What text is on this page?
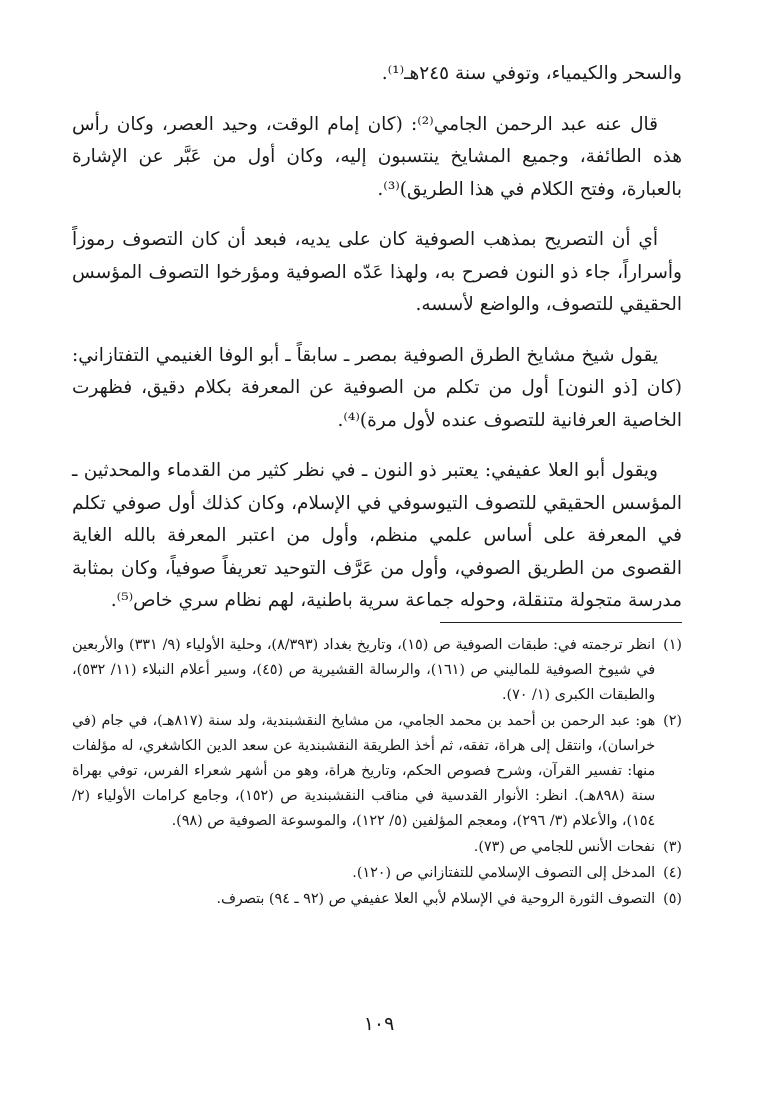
والسحر والكيمياء، وتوفي سنة ٢٤٥هـ⁽¹⁾.

قال عنه عبد الرحمن الجامي⁽²⁾: (كان إمام الوقت، وحيد العصر، وكان رأس هذه الطائفة، وجميع المشايخ ينتسبون إليه، وكان أول من عَبَّر عن الإشارة بالعبارة، وفتح الكلام في هذا الطريق)⁽³⁾.

أي أن التصريح بمذهب الصوفية كان على يديه، فبعد أن كان التصوف رموزاً وأسراراً، جاء ذو النون فصرح به، ولهذا عَدّه الصوفية ومؤرخوا التصوف المؤسس الحقيقي للتصوف، والواضع لأسسه.

يقول شيخ مشايخ الطرق الصوفية بمصر ـ سابقاً ـ أبو الوفا الغنيمي التفتازاني: (كان [ذو النون] أول من تكلم من الصوفية عن المعرفة بكلام دقيق، فظهرت الخاصية العرفانية للتصوف عنده لأول مرة)⁽⁴⁾.

ويقول أبو العلا عفيفي: يعتبر ذو النون ـ في نظر كثير من القدماء والمحدثين ـ المؤسس الحقيقي للتصوف التيوسوفي في الإسلام، وكان كذلك أول صوفي تكلم في المعرفة على أساس علمي منظم، وأول من اعتبر المعرفة بالله الغاية القصوى من الطريق الصوفي، وأول من عَرَّف التوحيد تعريفاً صوفياً، وكان بمثابة مدرسة متجولة متنقلة، وحوله جماعة سرية باطنية، لهم نظام سري خاص⁽⁵⁾.

(١)
انظر ترجمته في: طبقات الصوفية ص (١٥)، وتاريخ بغداد (٨/٣٩٣)، وحلية الأولياء (٩/ ٣٣١) والأربعين في شيوخ الصوفية للماليني ص (١٦١)، والرسالة القشيرية ص (٤٥)، وسير أعلام النبلاء (١١/ ٥٣٢)، والطبقات الكبرى (١/ ٧٠).
(٢)
هو: عبد الرحمن بن أحمد بن محمد الجامي، من مشايخ النقشبندية، ولد سنة (٨١٧هـ)، في جام (في خراسان)، وانتقل إلى هراة، تفقه، ثم أخذ الطريقة النقشبندية عن سعد الدين الكاشغري، له مؤلفات منها: تفسير القرآن، وشرح فصوص الحكم، وتاريخ هراة، وهو من أشهر شعراء الفرس، توفي بهراة سنة (٨٩٨هـ). انظر: الأنوار القدسية في مناقب النقشبندية ص (١٥٢)، وجامع كرامات الأولياء (٢/ ١٥٤)، والأعلام (٣/ ٢٩٦)، ومعجم المؤلفين (٥/ ١٢٢)، والموسوعة الصوفية ص (٩٨).
(٣)
نفحات الأنس للجامي ص (٧٣).
(٤)
المدخل إلى التصوف الإسلامي للتفتازاني ص (١٢٠).
(٥)
التصوف الثورة الروحية في الإسلام لأبي العلا عفيفي ص (٩٢ ـ ٩٤) بتصرف.
١٠٩
